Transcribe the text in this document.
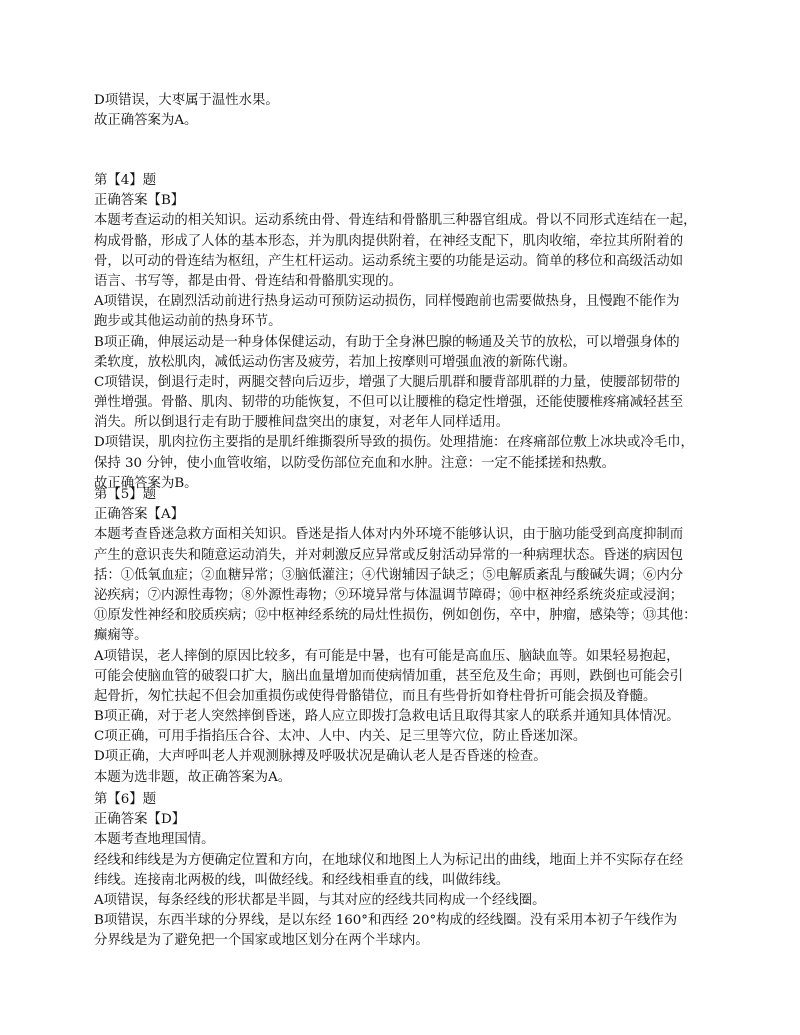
D项错误，大枣属于温性水果。
故正确答案为A。
第【4】题
正确答案【B】
本题考查运动的相关知识。运动系统由骨、骨连结和骨骼肌三种器官组成。骨以不同形式连结在一起，
构成骨骼，形成了人体的基本形态，并为肌肉提供附着，在神经支配下，肌肉收缩，牵拉其所附着的
骨，以可动的骨连结为枢纽，产生杠杆运动。运动系统主要的功能是运动。简单的移位和高级活动如
语言、书写等，都是由骨、骨连结和骨骼肌实现的。
A项错误，在剧烈活动前进行热身运动可预防运动损伤，同样慢跑前也需要做热身，且慢跑不能作为
跑步或其他运动前的热身环节。
B项正确，伸展运动是一种身体保健运动，有助于全身淋巴腺的畅通及关节的放松，可以增强身体的
柔软度，放松肌肉，减低运动伤害及疲劳，若加上按摩则可增强血液的新陈代谢。
C项错误，倒退行走时，两腿交替向后迈步，增强了大腿后肌群和腰背部肌群的力量，使腰部韧带的
弹性增强。骨骼、肌肉、韧带的功能恢复，不但可以让腰椎的稳定性增强，还能使腰椎疼痛减轻甚至
消失。所以倒退行走有助于腰椎间盘突出的康复，对老年人同样适用。
D项错误，肌肉拉伤主要指的是肌纤维撕裂所导致的损伤。处理措施：在疼痛部位敷上冰块或冷毛巾，
保持 30 分钟，使小血管收缩，以防受伤部位充血和水肿。注意：一定不能揉搓和热敷。
故正确答案为B。
第【5】题
正确答案【A】
本题考查昏迷急救方面相关知识。昏迷是指人体对内外环境不能够认识，由于脑功能受到高度抑制而
产生的意识丧失和随意运动消失，并对刺激反应异常或反射活动异常的一种病理状态。昏迷的病因包
括：①低氧血症；②血糖异常；③脑低灌注；④代谢辅因子缺乏；⑤电解质紊乱与酸碱失调；⑥内分
泌疾病；⑦内源性毒物；⑧外源性毒物；⑨环境异常与体温调节障碍；⑩中枢神经系统炎症或浸润；
⑪原发性神经和胶质疾病；⑫中枢神经系统的局灶性损伤，例如创伤，卒中，肿瘤，感染等；⑬其他：
癫痫等。
A项错误，老人摔倒的原因比较多，有可能是中暑，也有可能是高血压、脑缺血等。如果轻易抱起，
可能会使脑血管的破裂口扩大，脑出血量增加而使病情加重，甚至危及生命；再则，跌倒也可能会引
起骨折，匆忙扶起不但会加重损伤或使得骨骼错位，而且有些骨折如脊柱骨折可能会损及脊髓。
B项正确，对于老人突然摔倒昏迷，路人应立即拨打急救电话且取得其家人的联系并通知具体情况。
C项正确，可用手指掐压合谷、太冲、人中、内关、足三里等穴位，防止昏迷加深。
D项正确，大声呼叫老人并观测脉搏及呼吸状况是确认老人是否昏迷的检查。
本题为选非题，故正确答案为A。
第【6】题
正确答案【D】
本题考查地理国情。
经线和纬线是为方便确定位置和方向，在地球仪和地图上人为标记出的曲线，地面上并不实际存在经
纬线。连接南北两极的线，叫做经线。和经线相垂直的线，叫做纬线。
A项错误，每条经线的形状都是半圆，与其对应的经线共同构成一个经线圈。
B项错误，东西半球的分界线，是以东经 160°和西经 20°构成的经线圈。没有采用本初子午线作为
分界线是为了避免把一个国家或地区划分在两个半球内。
